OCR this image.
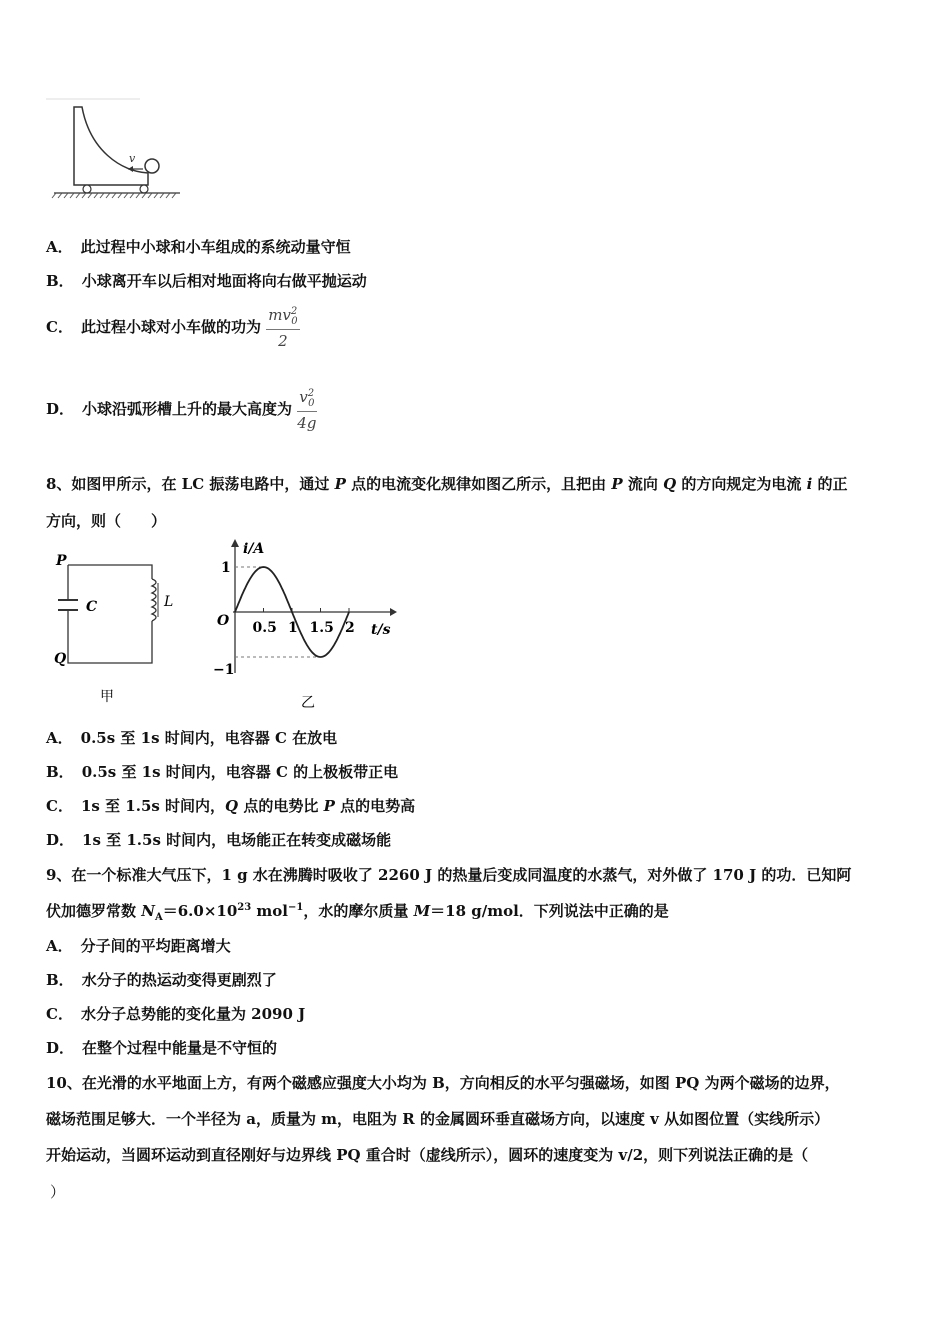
v
A． 此过程中小球和小车组成的系统动量守恒
B． 小球离开车以后相对地面将向右做平抛运动
C． 此过程小球对小车做的功为 $\frac{mv^2_0}{2}$
D． 小球沿弧形槽上升的最大高度为 $\frac{v^2_0}{4g}$
8、如图甲所示，在 LC 振荡电路中，通过 P 点的电流变化规律如图乙所示，且把由 P 流向 Q 的方向规定为电流 i 的正
方向，则（　　）
P
Q
C	L
甲
i/A
t/s
O
1
−1
0.5 1 1.5 2
乙
A． 0.5s 至 1s 时间内，电容器 C 在放电
B． 0.5s 至 1s 时间内，电容器 C 的上极板带正电
C． 1s 至 1.5s 时间内，Q 点的电势比 P 点的电势高
D． 1s 至 1.5s 时间内，电场能正在转变成磁场能
9、在一个标准大气压下，1 g 水在沸腾时吸收了 2260 J 的热量后变成同温度的水蒸气，对外做了 170 J 的功．已知阿
伏加德罗常数 $N_A=6.0\times 10^{23}$ mol$^{-1}$，水的摩尔质量 M＝18 g/mol．下列说法中正确的是
A． 分子间的平均距离增大
B． 水分子的热运动变得更剧烈了
C． 水分子总势能的变化量为 2090 J
D． 在整个过程中能量是不守恒的
10、在光滑的水平地面上方，有两个磁感应强度大小均为 B，方向相反的水平匀强磁场，如图 PQ 为两个磁场的边界，
磁场范围足够大．一个半径为 a，质量为 m，电阻为 R 的金属圆环垂直磁场方向，以速度 v 从如图位置（实线所示）
开始运动，当圆环运动到直径刚好与边界线 PQ 重合时（虚线所示），圆环的速度变为 v/2，则下列说法正确的是（
）
